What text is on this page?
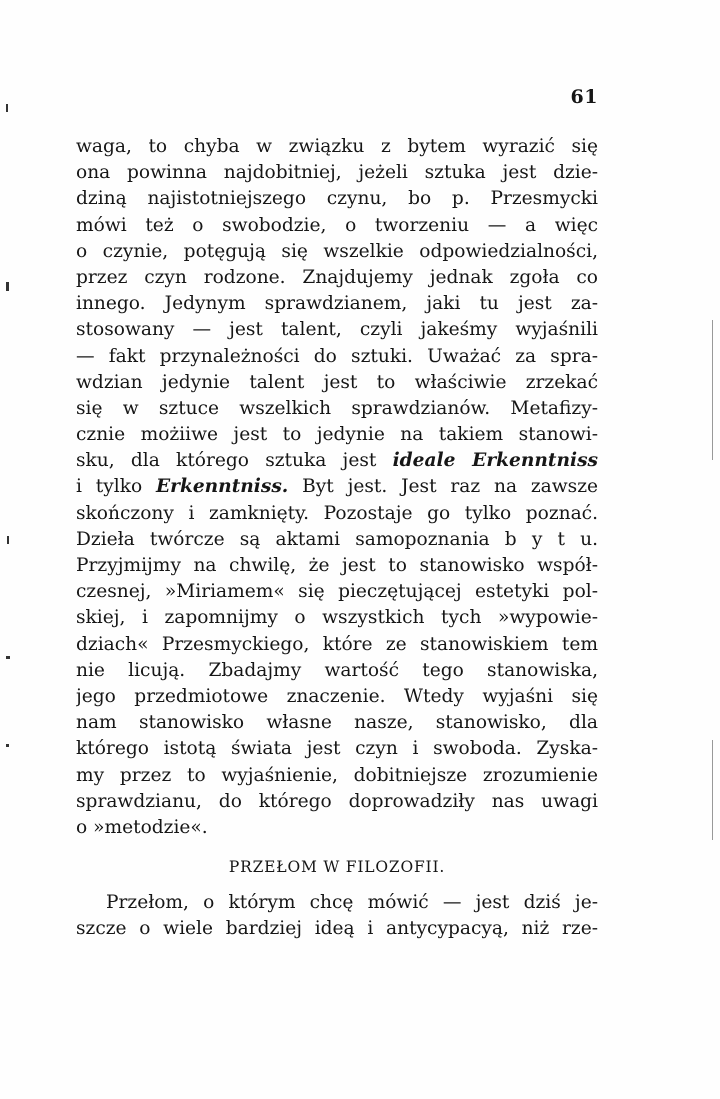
61
waga, to chyba w związku z bytem wyrazić się
ona powinna najdobitniej, jeżeli sztuka jest dzie-
dziną najistotniejszego czynu, bo p. Przesmycki
mówi też o swobodzie, o tworzeniu — a więc
o czynie, potęgują się wszelkie odpowiedzialności,
przez czyn rodzone. Znajdujemy jednak zgoła co
innego. Jedynym sprawdzianem, jaki tu jest za-
stosowany — jest talent, czyli jakeśmy wyjaśnili
— fakt przynależności do sztuki. Uważać za spra-
wdzian jedynie talent jest to właściwie zrzekać
się w sztuce wszelkich sprawdzianów. Metafizy-
cznie możiiwe jest to jedynie na takiem stanowi-
sku, dla którego sztuka jest ideale Erkenntniss
i tylko Erkenntniss. Byt jest. Jest raz na zawsze
skończony i zamknięty. Pozostaje go tylko poznać.
Dzieła twórcze są aktami samopoznania b y t u.
Przyjmijmy na chwilę, że jest to stanowisko współ-
czesnej, »Miriamem« się pieczętującej estetyki pol-
skiej, i zapomnijmy o wszystkich tych »wypowie-
dziach« Przesmyckiego, które ze stanowiskiem tem
nie licują. Zbadajmy wartość tego stanowiska,
jego przedmiotowe znaczenie. Wtedy wyjaśni się
nam stanowisko własne nasze, stanowisko, dla
którego istotą świata jest czyn i swoboda. Zyska-
my przez to wyjaśnienie, dobitniejsze zrozumienie
sprawdzianu, do którego doprowadziły nas uwagi
o »metodzie«.
PRZEŁOM W FILOZOFII.
Przełom, o którym chcę mówić — jest dziś je-
szcze o wiele bardziej ideą i antycypacyą, niż rze-
